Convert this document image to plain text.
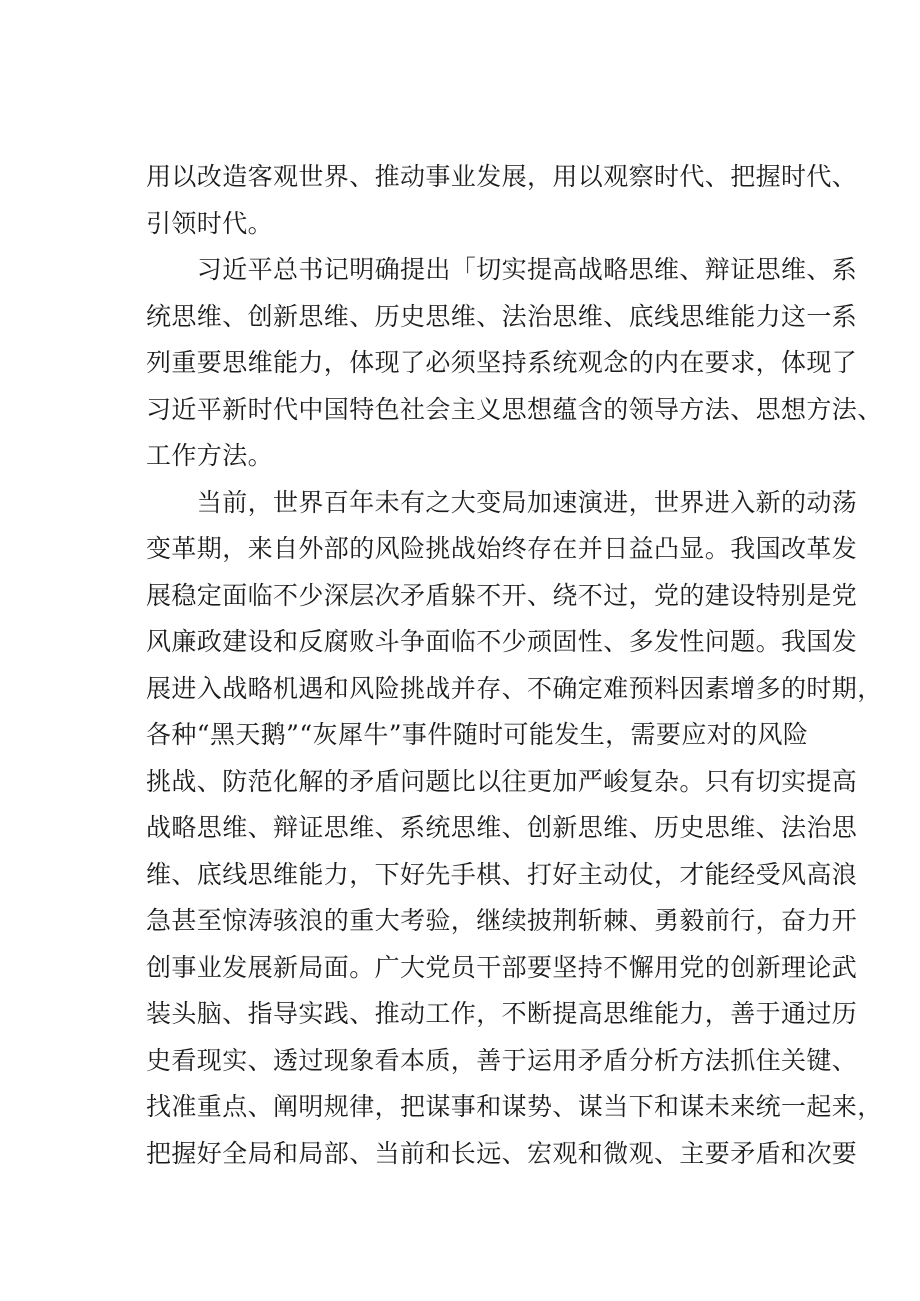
用以改造客观世界、推动事业发展，用以观察时代、把握时代、
引领时代。
　　习近平总书记明确提出「切实提高战略思维、辩证思维、系
统思维、创新思维、历史思维、法治思维、底线思维能力这一系
列重要思维能力，体现了必须坚持系统观念的内在要求，体现了
习近平新时代中国特色社会主义思想蕴含的领导方法、思想方法、
工作方法。
　　当前，世界百年未有之大变局加速演进，世界进入新的动荡
变革期，来自外部的风险挑战始终存在并日益凸显。我国改革发
展稳定面临不少深层次矛盾躲不开、绕不过，党的建设特别是党
风廉政建设和反腐败斗争面临不少顽固性、多发性问题。我国发
展进入战略机遇和风险挑战并存、不确定难预料因素增多的时期，
各种“黑天鹅”“灰犀牛”事件随时可能发生，需要应对的风险
挑战、防范化解的矛盾问题比以往更加严峻复杂。只有切实提高
战略思维、辩证思维、系统思维、创新思维、历史思维、法治思
维、底线思维能力，下好先手棋、打好主动仗，才能经受风高浪
急甚至惊涛骇浪的重大考验，继续披荆斩棘、勇毅前行，奋力开
创事业发展新局面。广大党员干部要坚持不懈用党的创新理论武
装头脑、指导实践、推动工作，不断提高思维能力，善于通过历
史看现实、透过现象看本质，善于运用矛盾分析方法抓住关键、
找准重点、阐明规律，把谋事和谋势、谋当下和谋未来统一起来，
把握好全局和局部、当前和长远、宏观和微观、主要矛盾和次要
